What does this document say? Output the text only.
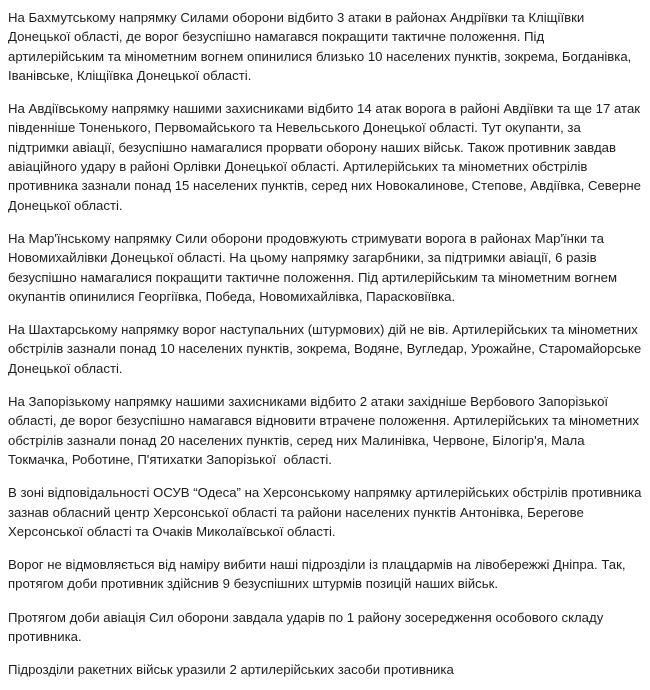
На Бахмутському напрямку Силами оборони відбито 3 атаки в районах Андріївки та Кліщіївки Донецької області, де ворог безуспішно намагався покращити тактичне положення. Під артилерійським та мінометним вогнем опинилися близько 10 населених пунктів, зокрема, Богданівка, Іванівське, Кліщіївка Донецької області.

На Авдіївському напрямку нашими захисниками відбито 14 атак ворога в районі Авдіївки та ще 17 атак південніше Тоненького, Первомайського та Невельського Донецької області. Тут окупанти, за підтримки авіації, безуспішно намагалися прорвати оборону наших військ. Також противник завдав авіаційного удару в районі Орлівки Донецької області. Артилерійських та мінометних обстрілів противника зазнали понад 15 населених пунктів, серед них Новокалинове, Степове, Авдіївка, Северне Донецької області.

На Мар'їнському напрямку Сили оборони продовжують стримувати ворога в районах Мар'їнки та Новомихайлівки Донецької області. На цьому напрямку загарбники, за підтримки авіації, 6 разів безуспішно намагалися покращити тактичне положення. Під артилерійським та мінометним вогнем окупантів опинилися Георгіївка, Победа, Новомихайлівка, Парасковіївка.

На Шахтарському напрямку ворог наступальних (штурмових) дій не вів. Артилерійських та мінометних обстрілів зазнали понад 10 населених пунктів, зокрема, Водяне, Вугледар, Урожайне, Старомайорське Донецької області.

На Запорізькому напрямку нашими захисниками відбито 2 атаки західніше Вербового Запорізької області, де ворог безуспішно намагався відновити втрачене положення. Артилерійських та мінометних обстрілів зазнали понад 20 населених пунктів, серед них Малинівка, Червоне, Білогір'я, Мала Токмачка, Роботине, П'ятихатки Запорізької  області.

В зоні відповідальності ОСУВ “Одеса” на Херсонському напрямку артилерійських обстрілів противника зазнав обласний центр Херсонської області та райони населених пунктів Антонівка, Берегове Херсонської області та Очаків Миколаївської області.

Ворог не відмовляється від наміру вибити наші підрозділи із плацдармів на лівобережжі Дніпра. Так, протягом доби противник здійснив 9 безуспішних штурмів позицій наших військ.

Протягом доби авіація Сил оборони завдала ударів по 1 району зосередження особового складу противника.

Підрозділи ракетних військ уразили 2 артилерійських засоби противника
